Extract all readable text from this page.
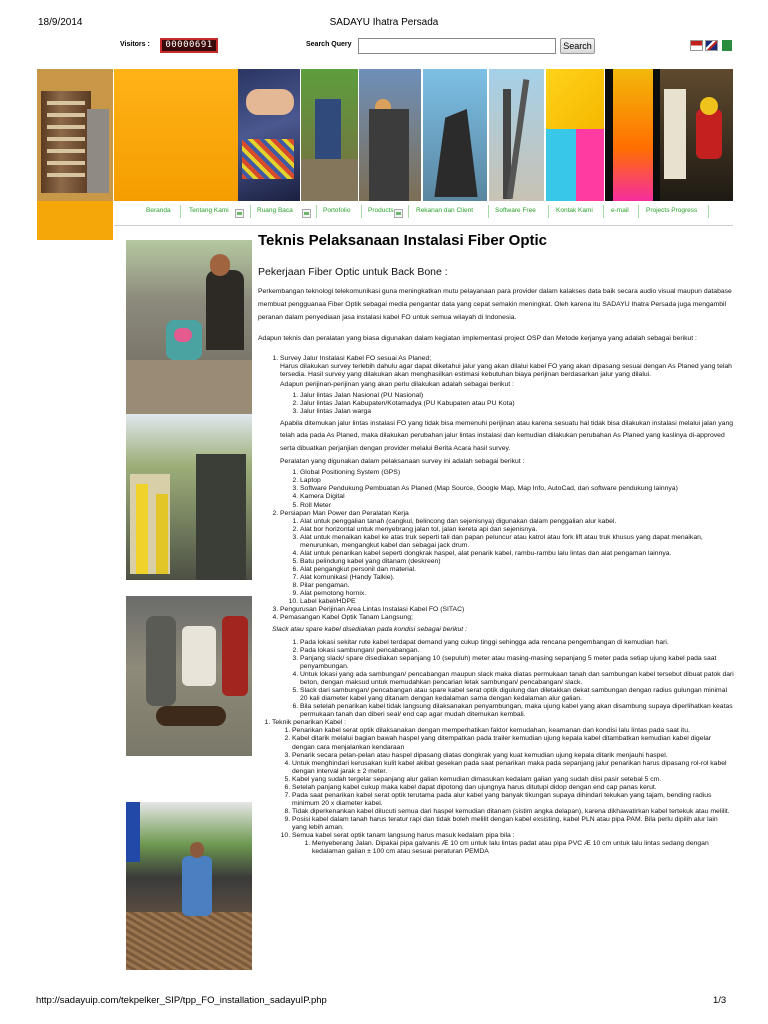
18/9/2014	SADAYU Ihatra Persada
Visitors :	00000691	Search Query	Search
Beranda	Tentang Kami	Ruang Baca	Portofolio	Products	Rekanan dan Client	Software Free	Kontak Kami	e-mail	Projects Progress
Teknis Pelaksanaan Instalasi Fiber Optic
Pekerjaan Fiber Optic untuk Back Bone :

Perkembangan teknologi telekomunikasi guna meningkatkan mutu pelayanaan para provider dalam kalakses data baik secara audio visual maupun database membuat pengguanaa Fiber Optik sebagai media pengantar data yang cepat semakin meningkat. Oleh karena itu SADAYU Ihatra Persada juga mengambil peranan dalam penyediaan jasa instalasi kabel FO untuk semua wilayah di Indonesia.

Adapun teknis dan peralatan yang biasa digunakan dalam kegiatan implementasi project OSP dan Metode kerjanya yang adalah sebagai berikut :

1. Survey Jalur Instalasi Kabel FO sesuai As Planed;
Harus dilakukan survey terlebih dahulu agar dapat diketahui jalur yang akan dilalui kabel FO yang akan dipasang sesuai dengan As Planed yang telah tersedia. Hasil survey yang dilakukan akan menghasilkan estimasi kebutuhan biaya perijinan berdasarkan jalur yang dilalui.
Adapun perijinan-perijinan yang akan perlu dilakukan adalah sebagai berikut :
1. Jalur lintas Jalan Nasional (PU Nasional)
2. Jalur lintas Jalan Kabupaten/Kotamadya (PU Kabupaten atau PU Kota)
3. Jalur lintas Jalan warga
Apabila ditemukan jalur lintas instalasi FO yang tidak bisa memenuhi perijinan atau karena sesuatu hal tidak bisa dilakukan instalasi melalui jalan yang telah ada pada As Planed, maka dilakukan perubahan jalur lintas instalasi dan kemudian dilakukan perubahan As Planed yang kaslinya di-approved serta dibuatkan perjanjian dengan provider melalui Berita Acara hasil survey.
Peralatan yang digunakan dalam pelaksanaan survey ini adalah sebagai berikut :
1. Global Positioning System (GPS)
2. Laptop
3. Software Pendukung Pembuatan As Planed (Map Source, Google Map, Map Info, AutoCad, dan software pendukung lainnya)
4. Kamera Digital
5. Roll Meter
2. Persiapan Man Power dan Peralatan Kerja
1. Alat untuk penggalian tanah (cangkul, belincong dan sejenisnya) digunakan dalam penggalian alur kabel.
2. Alat bor horizontal untuk menyebrang jalan tol, jalan kereta api dan sejenisnya.
3. Alat untuk menaikan kabel ke atas truk seperti tali dan papan peluncur atau katrol atau fork lift atau truk khusus yang dapat menaikan, menurunkan, mengangkut kabel dan sebagai jack drum.
4. Alat untuk penarikan kabel seperti dongkrak haspel, alat penarik kabel, rambu-rambu lalu lintas dan alat pengaman lainnya.
5. Batu pelindung kabel yang ditanam (deskreen)
6. Alat pengangkut personil dan material.
7. Alat komunikasi (Handy Talkie).
8. Pilar pengaman.
9. Alat pemotong hornix.
10. Label kabel/HDPE
3. Pengurusan Perijinan Area Lintas Instalasi Kabel FO (SITAC)
4. Pemasangan Kabel Optik Tanam Langsung;
Slack atau spare kabel disediakan pada kondisi sebagai berikut :
1. Pada lokasi sekitar rute kabel terdapat demand yang cukup tinggi sehingga ada rencana pengembangan di kemudian hari.
2. Pada lokasi sambungan/ pencabangan.
3. Panjang slack/ spare disediakan sepanjang 10 (sepuluh) meter atau masing-masing sepanjang 5 meter pada setiap ujung kabel pada saat penyambungan.
4. Untuk lokasi yang ada sambungan/ pencabangan maupun slack maka diatas permukaan tanah dan sambungan kabel tersebut dibuat patok dari beton, dengan maksud untuk memudahkan pencarian letak sambungan/ pencabangan/ slack.
5. Slack dari sambungan/ pencabangan atau spare kabel serat optik digulung dan diletakkan dekat sambungan dengan radius gulungan minimal 20 kali diameter kabel yang ditanam dengan kedalaman sama dengan kedalaman alur galian.
6. Bila setelah penarikan kabel tidak langsung dilaksanakan penyambungan, maka ujung kabel yang akan disambung supaya diperlihatkan keatas permukaan tanah dan diberi seal/ end cap agar mudah ditemukan kembali.
1. Teknik penarikan Kabel :
1. Penarikan kabel serat optik dilaksanakan dengan memperhatikan faktor kemudahan, keamanan dan kondisi lalu lintas pada saat itu.
2. Kabel ditarik melalui bagian bawah haspel yang ditempatkan pada trailer kemudian ujung kepala kabel ditambatkan kemudian kabel digelar dengan cara menjalankan kendaraan
3. Penarik secara pelan-pelan atau haspel dipasang diatas dongkrak yang kuat kemudian ujung kepala ditarik menjauhi haspel.
4. Untuk menghindari kerusakan kulit kabel akibat gesekan pada saat penarikan maka pada sepanjang jalur penarikan harus dipasang rol-rol kabel dengan interval jarak ± 2 meter.
5. Kabel yang sudah tergelar sepanjang alur galian kemudian dimasukan kedalam galian yang sudah diisi pasir setebal 5 cm.
6. Setelah panjang kabel cukup maka kabel dapat dipotong dan ujungnya harus ditutupi didop dengan end cap panas kerut.
7. Pada saat penarikan kabel serat optik terutama pada alur kabel yang banyak tikungan supaya dihindari tekukan yang tajam, bending radius minimum 20 x diameter kabel.
8. Tidak diperkenankan kabel dilucuti semua dari haspel kemudian ditanam (sistim angka delapan), karena dikhawatirkan kabel tertekuk atau melilit.
9. Posisi kabel dalam tanah harus teratur rapi dan tidak boleh melilit dengan kabel exsisting, kabel PLN atau pipa PAM. Bila perlu dipilih alur lain yang lebih aman.
10. Semua kabel serat optik tanam langsung harus masuk kedalam pipa bila :
1. Menyeberang Jalan. Dipakai pipa galvanis Æ 10 cm untuk lalu lintas padat atau pipa PVC Æ 10 cm untuk lalu lintas sedang dengan kedalaman galian ± 100 cm atau sesuai peraturan PEMDA
http://sadayuip.com/tekpelker_SIP/tpp_FO_installation_sadayuIP.php	1/3
